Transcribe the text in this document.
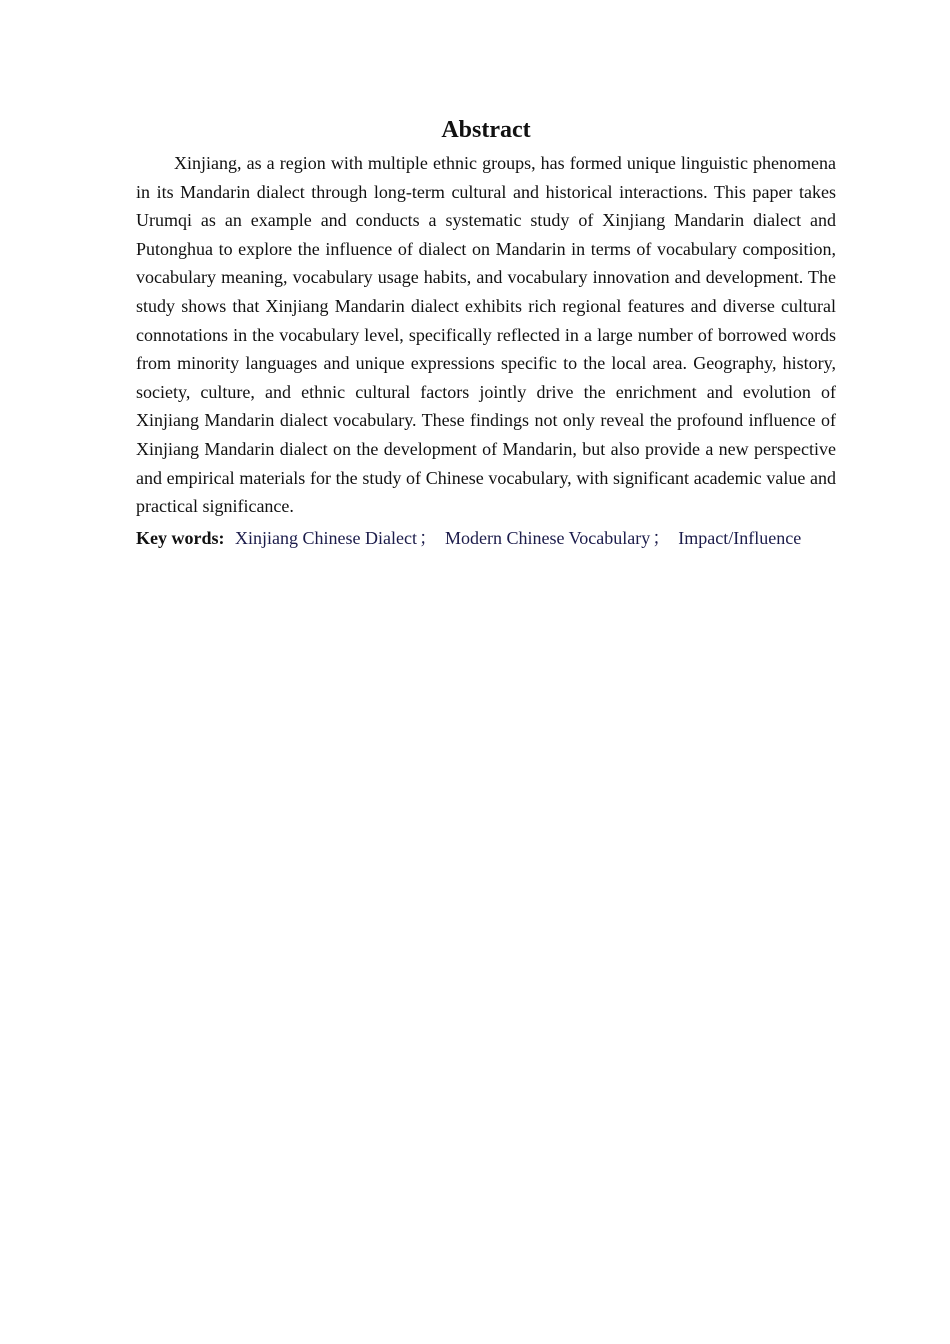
Abstract

Xinjiang, as a region with multiple ethnic groups, has formed unique linguistic phenomena in its Mandarin dialect through long-term cultural and historical interactions. This paper takes Urumqi as an example and conducts a systematic study of Xinjiang Mandarin dialect and Putonghua to explore the influence of dialect on Mandarin in terms of vocabulary composition, vocabulary meaning, vocabulary usage habits, and vocabulary innovation and development. The study shows that Xinjiang Mandarin dialect exhibits rich regional features and diverse cultural connotations in the vocabulary level, specifically reflected in a large number of borrowed words from minority languages and unique expressions specific to the local area. Geography, history, society, culture, and ethnic cultural factors jointly drive the enrichment and evolution of Xinjiang Mandarin dialect vocabulary. These findings not only reveal the profound influence of Xinjiang Mandarin dialect on the development of Mandarin, but also provide a new perspective and empirical materials for the study of Chinese vocabulary, with significant academic value and practical significance.

Key words: Xinjiang Chinese Dialect ； Modern Chinese Vocabulary ； Impact/Influence
